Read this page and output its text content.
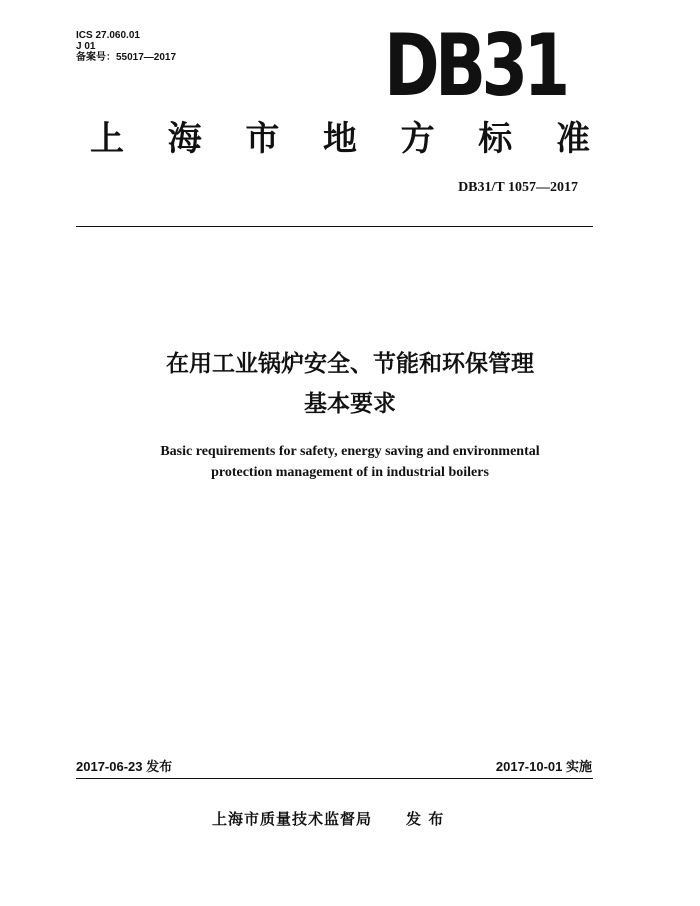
ICS 27.060.01
J 01
备案号：55017—2017 DB31
上 海 市 地 方 标 准
DB31/T 1057—2017
在用工业锅炉安全、节能和环保管理
基本要求
Basic requirements for safety, energy saving and environmental
protection management of in industrial boilers
2017-06-23 发布	2017-10-01 实施
上海市质量技术监督局 发 布
